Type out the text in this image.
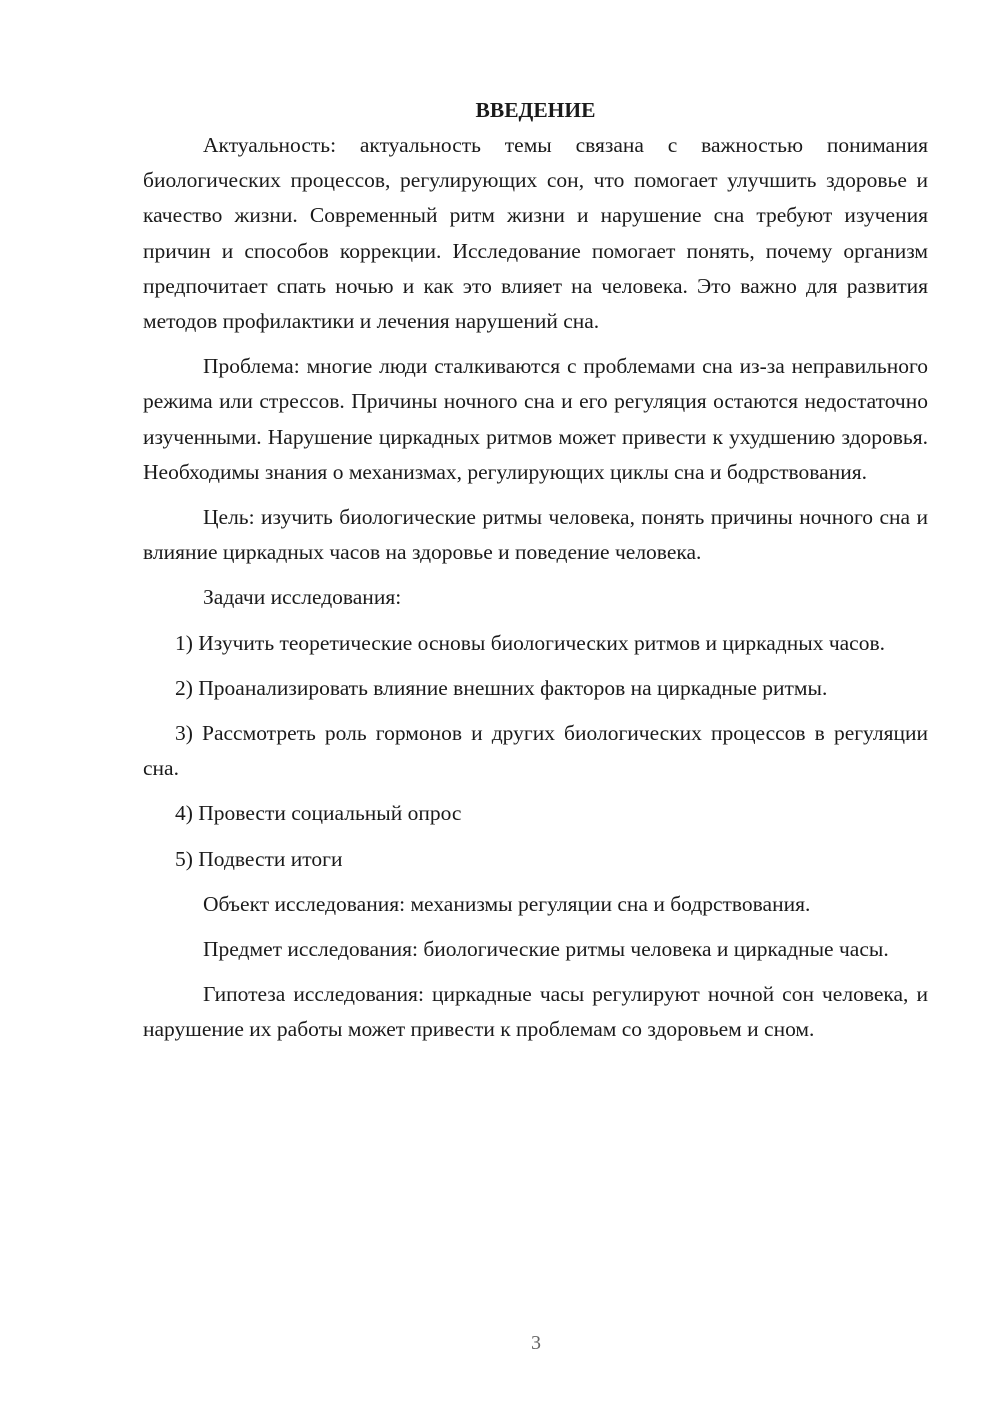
ВВЕДЕНИЕ

Актуальность: актуальность темы связана с важностью понимания биологических процессов, регулирующих сон, что помогает улучшить здоровье и качество жизни. Современный ритм жизни и нарушение сна требуют изучения причин и способов коррекции. Исследование помогает понять, почему организм предпочитает спать ночью и как это влияет на человека. Это важно для развития методов профилактики и лечения нарушений сна.

Проблема: многие люди сталкиваются с проблемами сна из-за неправильного режима или стрессов. Причины ночного сна и его регуляция остаются недостаточно изученными. Нарушение циркадных ритмов может привести к ухудшению здоровья. Необходимы знания о механизмах, регулирующих циклы сна и бодрствования.

Цель: изучить биологические ритмы человека, понять причины ночного сна и влияние циркадных часов на здоровье и поведение человека.

Задачи исследования:

1) Изучить теоретические основы биологических ритмов и циркадных часов.

2) Проанализировать влияние внешних факторов на циркадные ритмы.

3) Рассмотреть роль гормонов и других биологических процессов в регуляции сна.

4) Провести социальный опрос

5) Подвести итоги

Объект исследования: механизмы регуляции сна и бодрствования.

Предмет исследования: биологические ритмы человека и циркадные часы.

Гипотеза исследования: циркадные часы регулируют ночной сон человека, и нарушение их работы может привести к проблемам со здоровьем и сном.

3
